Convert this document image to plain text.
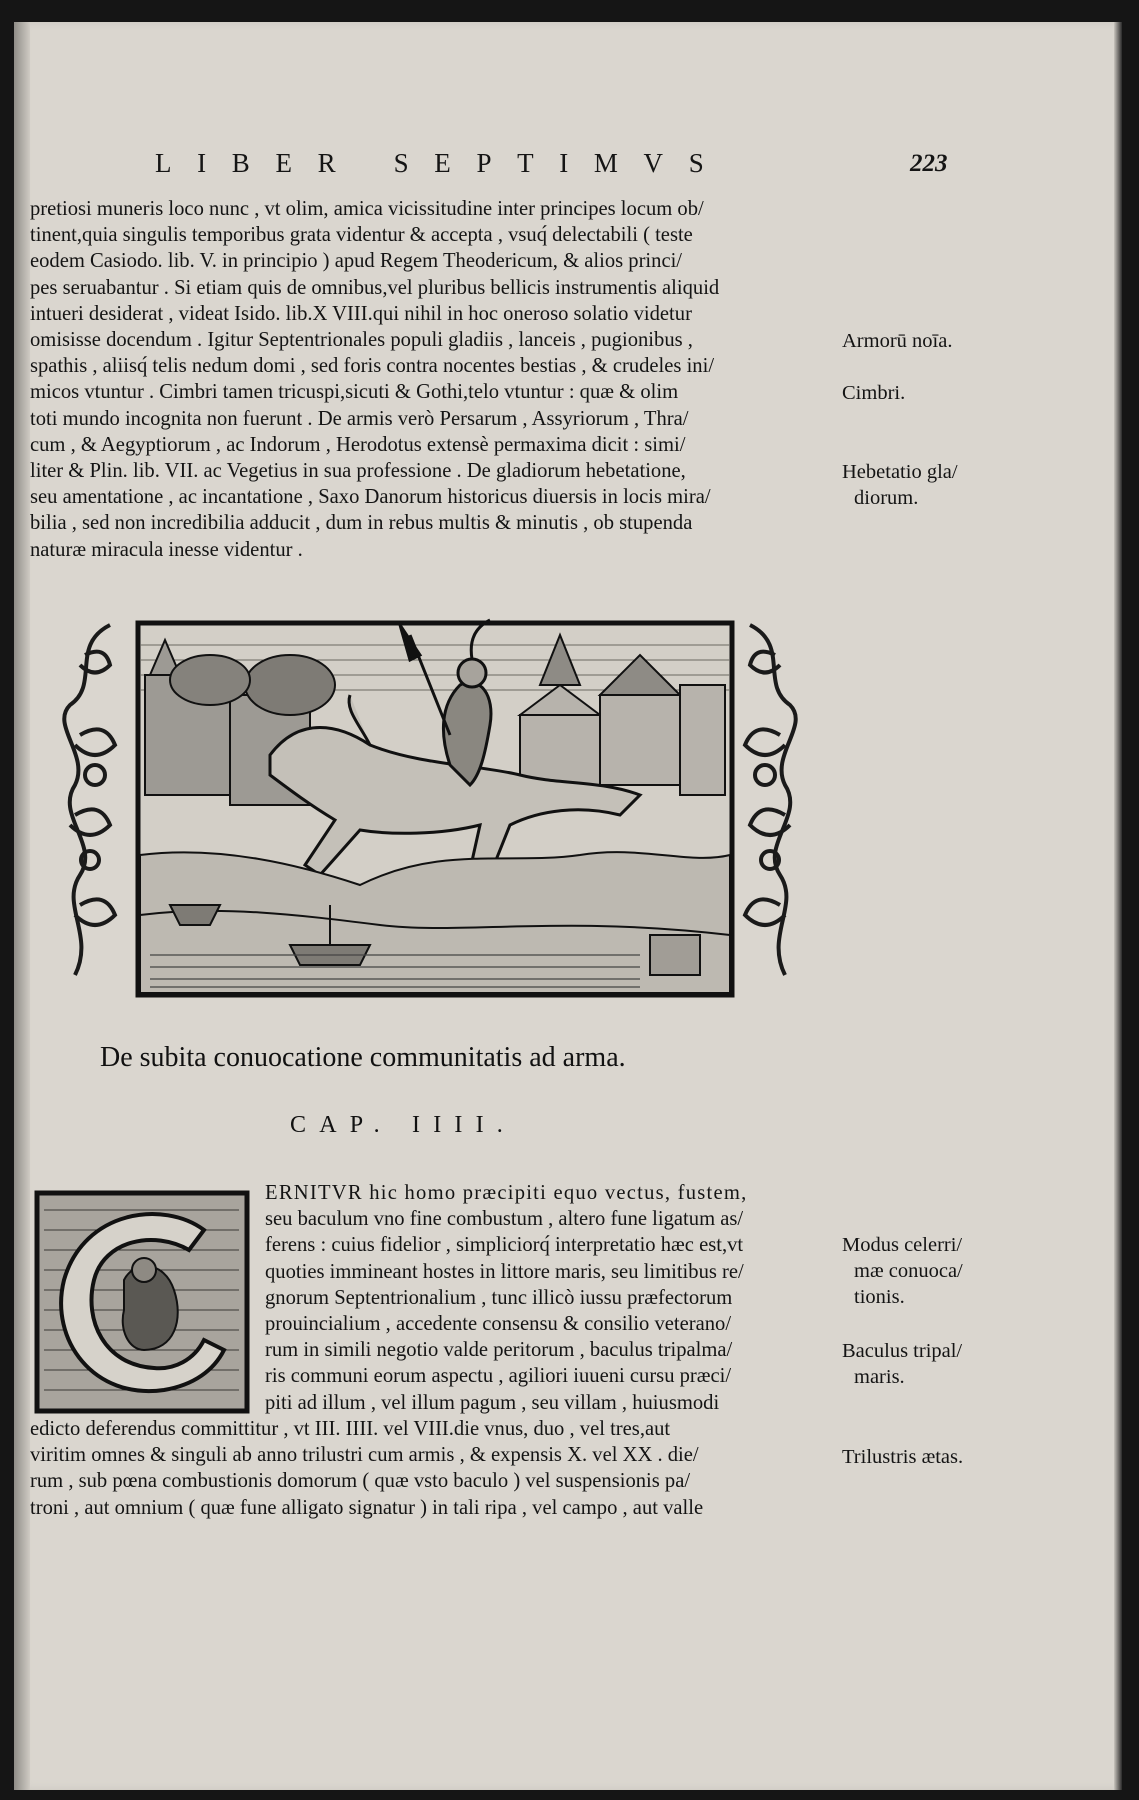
LIBER SEPTIMVS	223
pretiosi muneris loco nunc , vt olim, amica vicissitudine inter principes locum ob/
tinent,quia singulis temporibus grata videntur & accepta , vsuq́ delectabili ( teste
eodem Casiodo. lib. V. in principio ) apud Regem Theodericum, & alios princi/
pes seruabantur . Si etiam quis de omnibus,vel pluribus bellicis instrumentis aliquid
intueri desiderat , videat Isido. lib.X VIII.qui nihil in hoc oneroso solatio videtur
omisisse docendum . Igitur Septentrionales populi gladiis , lanceis , pugionibus ,
spathis , aliisq́ telis nedum domi , sed foris contra nocentes bestias , & crudeles ini/
micos vtuntur . Cimbri tamen tricuspi,sicuti & Gothi,telo vtuntur : quæ & olim
toti mundo incognita non fuerunt . De armis verò Persarum , Assyriorum , Thra/
cum , & Aegyptiorum , ac Indorum , Herodotus extensè permaxima dicit : simi/
liter & Plin. lib. VII. ac Vegetius in sua professione . De gladiorum hebetatione,
seu amentatione , ac incantatione , Saxo Danorum historicus diuersis in locis mira/
bilia , sed non incredibilia adducit , dum in rebus multis & minutis , ob stupenda
naturæ miracula inesse videntur .
Armorū noīa.
Cimbri.
Hebetatio gla/
diorum.
De subita conuocatione communitatis ad arma.
CAP. IIII.
ERNITVR hic homo præcipiti equo vectus, fustem,
seu baculum vno fine combustum , altero fune ligatum as/
ferens : cuius fidelior , simpliciorq́ interpretatio hæc est,vt
quoties immineant hostes in littore maris, seu limitibus re/
gnorum Septentrionalium , tunc illicò iussu præfectorum
prouincialium , accedente consensu & consilio veterano/
rum in simili negotio valde peritorum , baculus tripalma/
ris communi eorum aspectu , agiliori iuueni cursu præci/
piti ad illum , vel illum pagum , seu villam , huiusmodi
edicto deferendus committitur , vt III. IIII. vel VIII.die vnus, duo , vel tres,aut
viritim omnes & singuli ab anno trilustri cum armis , & expensis X. vel XX . die/
rum , sub pœna combustionis domorum ( quæ vsto baculo ) vel suspensionis pa/
troni , aut omnium ( quæ fune alligato signatur ) in tali ripa , vel campo , aut valle
Modus celerri/
mæ conuoca/
tionis.
Baculus tripal/
maris.
Trilustris ætas.
